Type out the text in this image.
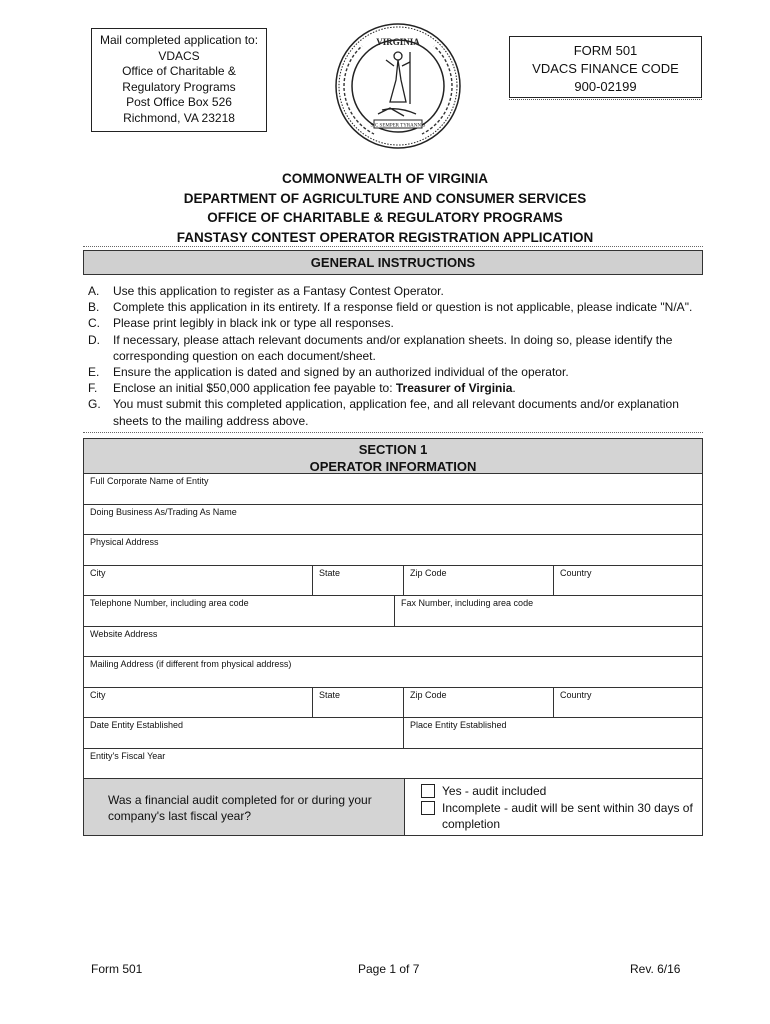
Mail completed application to:
VDACS
Office of Charitable &
Regulatory Programs
Post Office Box 526
Richmond, VA 23218
VIRGINIA
SIC SEMPER TYRANNIS
FORM 501
VDACS FINANCE CODE
900-02199
COMMONWEALTH OF VIRGINIA
DEPARTMENT OF AGRICULTURE AND CONSUMER SERVICES
OFFICE OF CHARITABLE & REGULATORY PROGRAMS
FANSTASY CONTEST OPERATOR REGISTRATION APPLICATION
GENERAL INSTRUCTIONS
A.	Use this application to register as a Fantasy Contest Operator.
B.	Complete this application in its entirety. If a response field or question is not applicable, please indicate "N/A".
C.	Please print legibly in black ink or type all responses.
D.	If necessary, please attach relevant documents and/or explanation sheets. In doing so, please identify the corresponding question on each document/sheet.
E.	Ensure the application is dated and signed by an authorized individual of the operator.
F.	Enclose an initial $50,000 application fee payable to: Treasurer of Virginia.
G.	You must submit this completed application, application fee, and all relevant documents and/or explanation sheets to the mailing address above.
SECTION 1
OPERATOR INFORMATION
Full Corporate Name of Entity
Doing Business As/Trading As Name
Physical Address
City	State	Zip Code	Country
Telephone Number, including area code	Fax Number, including area code
Website Address
Mailing Address (if different from physical address)
City	State	Zip Code	Country
Date Entity Established	Place Entity Established
Entity's Fiscal Year
Was a financial audit completed for or during your
company's last fiscal year?
Yes - audit included
Incomplete - audit will be sent within 30 days of
completion
Form 501	Page 1 of 7	Rev. 6/16
